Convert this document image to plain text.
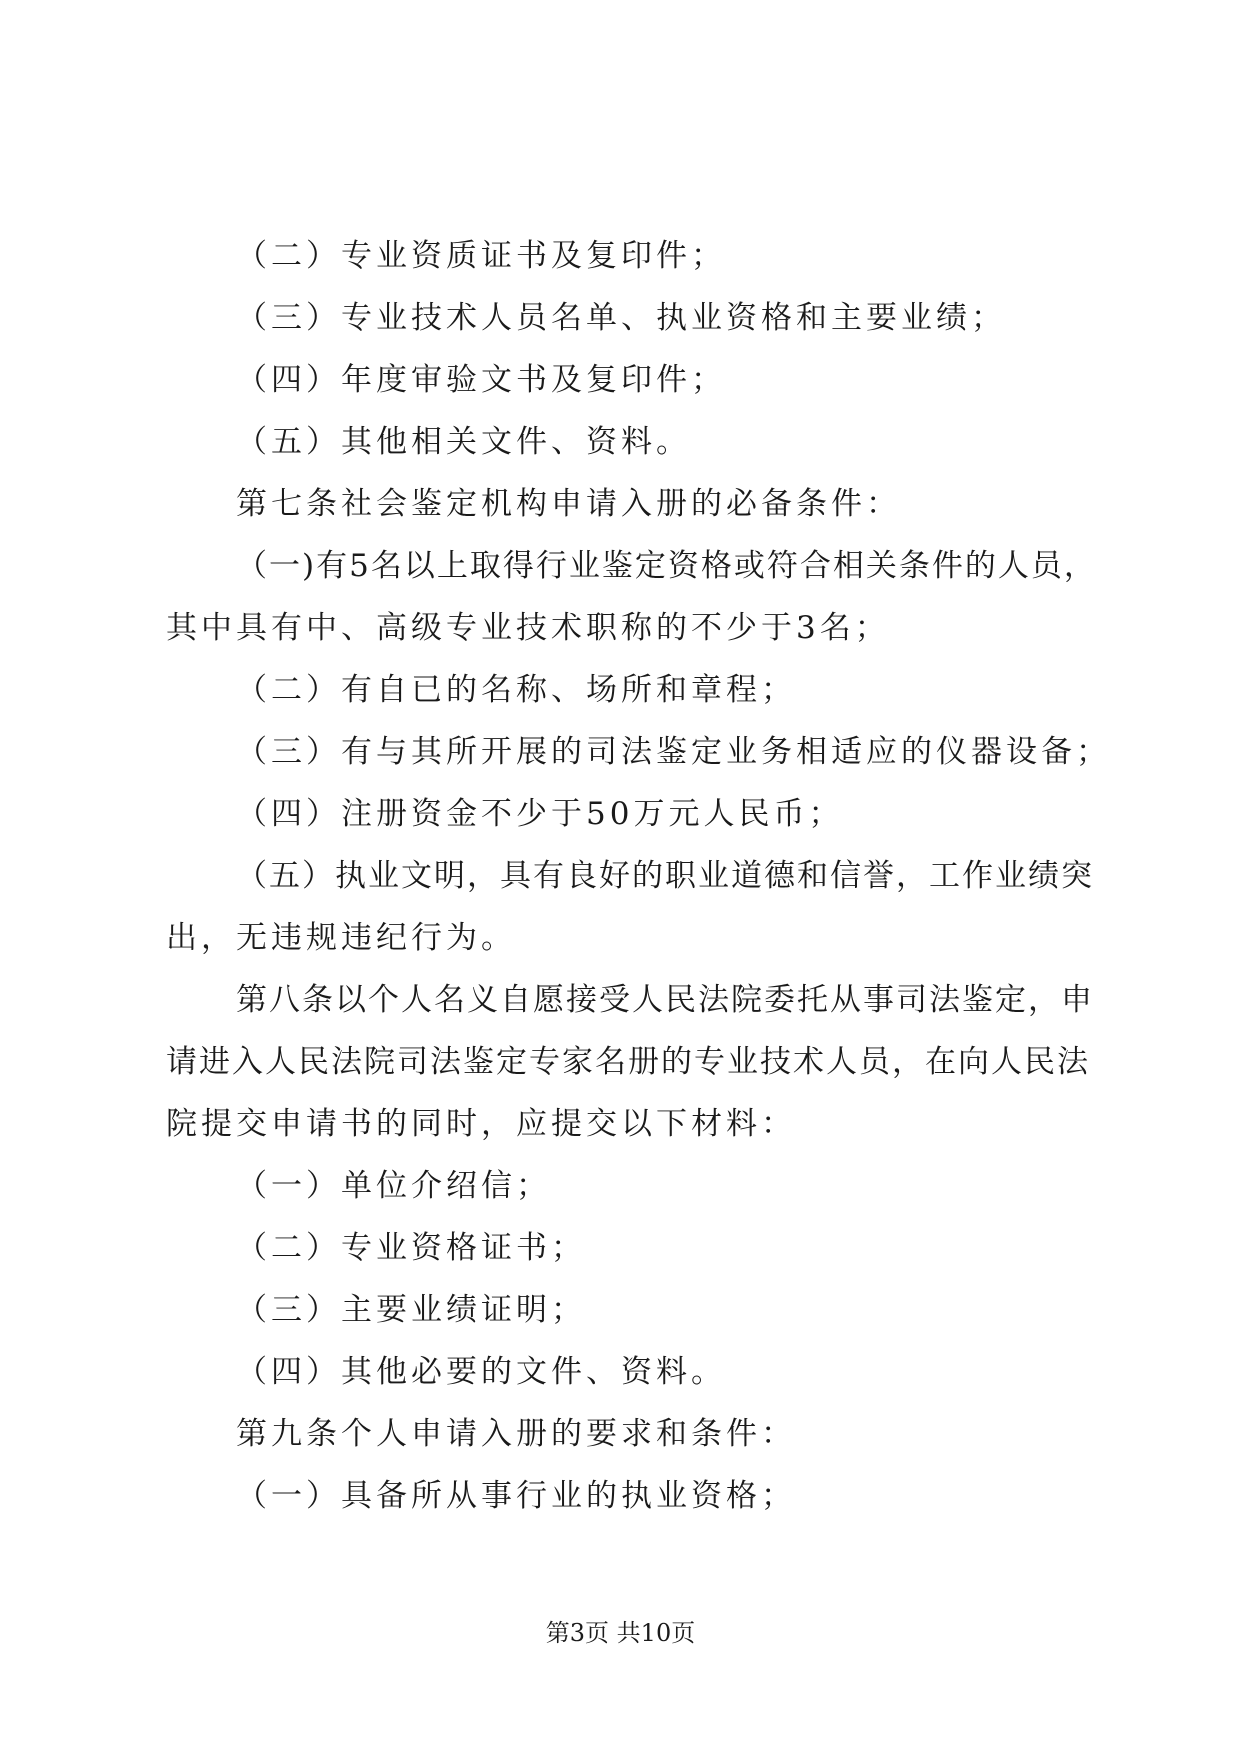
（二）专业资质证书及复印件；
（三）专业技术人员名单、执业资格和主要业绩；
（四）年度审验文书及复印件；
（五）其他相关文件、资料。
第七条社会鉴定机构申请入册的必备条件：
（一)有5名以上取得行业鉴定资格或符合相关条件的人员，
其中具有中、高级专业技术职称的不少于3名；
（二）有自已的名称、场所和章程；
（三）有与其所开展的司法鉴定业务相适应的仪器设备；
（四）注册资金不少于50万元人民币；
（五）执业文明，具有良好的职业道德和信誉，工作业绩突
出，无违规违纪行为。
第八条以个人名义自愿接受人民法院委托从事司法鉴定，申
请进入人民法院司法鉴定专家名册的专业技术人员，在向人民法
院提交申请书的同时，应提交以下材料：
（一）单位介绍信；
（二）专业资格证书；
（三）主要业绩证明；
（四）其他必要的文件、资料。
第九条个人申请入册的要求和条件：
（一）具备所从事行业的执业资格；
第3页 共10页
